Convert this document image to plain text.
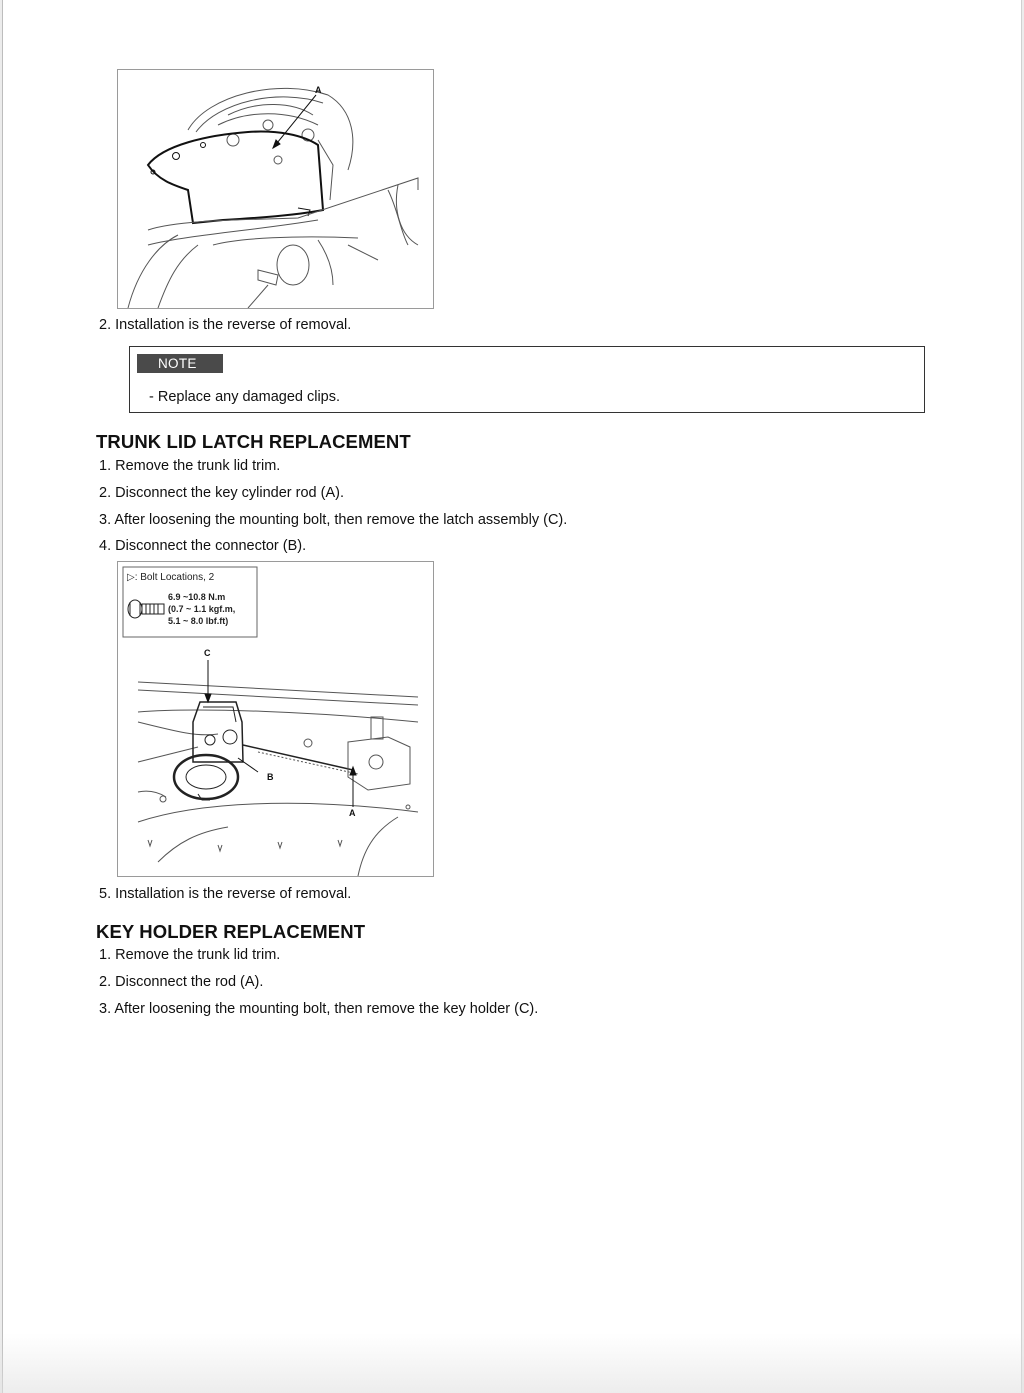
A

2. Installation is the reverse of removal.

NOTE
- Replace any damaged clips.
TRUNK LID LATCH REPLACEMENT

1. Remove the trunk lid trim.

2. Disconnect the key cylinder rod (A).

3. After loosening the mounting bolt, then remove the latch assembly (C).

4. Disconnect the connector (B).

▷: Bolt Locations, 2
6.9 ~10.8 N.m
(0.7 ~ 1.1 kgf.m,
5.1 ~ 8.0 lbf.ft)
C
B
A

5. Installation is the reverse of removal.

KEY HOLDER REPLACEMENT

1. Remove the trunk lid trim.

2. Disconnect the rod (A).

3. After loosening the mounting bolt, then remove the key holder (C).
